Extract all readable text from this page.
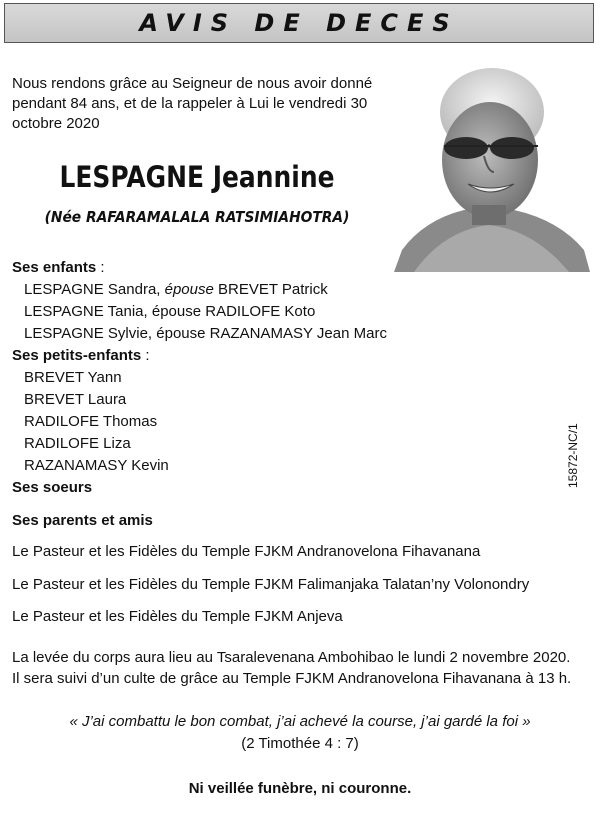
AVIS DE DECES
Nous rendons grâce au Seigneur de nous avoir donné pendant 84 ans, et de la rappeler à Lui le vendredi 30 octobre 2020
LESPAGNE Jeannine
(Née RAFARAMALALA RATSIMIAHOTRA)
Ses enfants :
LESPAGNE Sandra, épouse BREVET Patrick
LESPAGNE Tania, épouse RADILOFE Koto
LESPAGNE Sylvie, épouse RAZANAMASY Jean Marc
Ses petits-enfants :
BREVET Yann
BREVET Laura
RADILOFE Thomas
RADILOFE Liza
RAZANAMASY Kevin
Ses soeurs
Ses parents et amis
Le Pasteur et les Fidèles du Temple FJKM Andranovelona Fihavanana
Le Pasteur et les Fidèles du Temple FJKM Falimanjaka Talatan’ny Volonondry
Le Pasteur et les Fidèles du Temple FJKM Anjeva
La levée du corps aura lieu au Tsaralevenana Ambohibao le lundi 2 novembre 2020.
Il sera suivi d’un culte de grâce au Temple FJKM Andranovelona Fihavanana à 13 h.
« J’ai combattu le bon combat, j’ai achevé la course, j’ai gardé la foi »
(2 Timothée 4 : 7)
Ni veillée funèbre, ni couronne.
15872-NC/1
